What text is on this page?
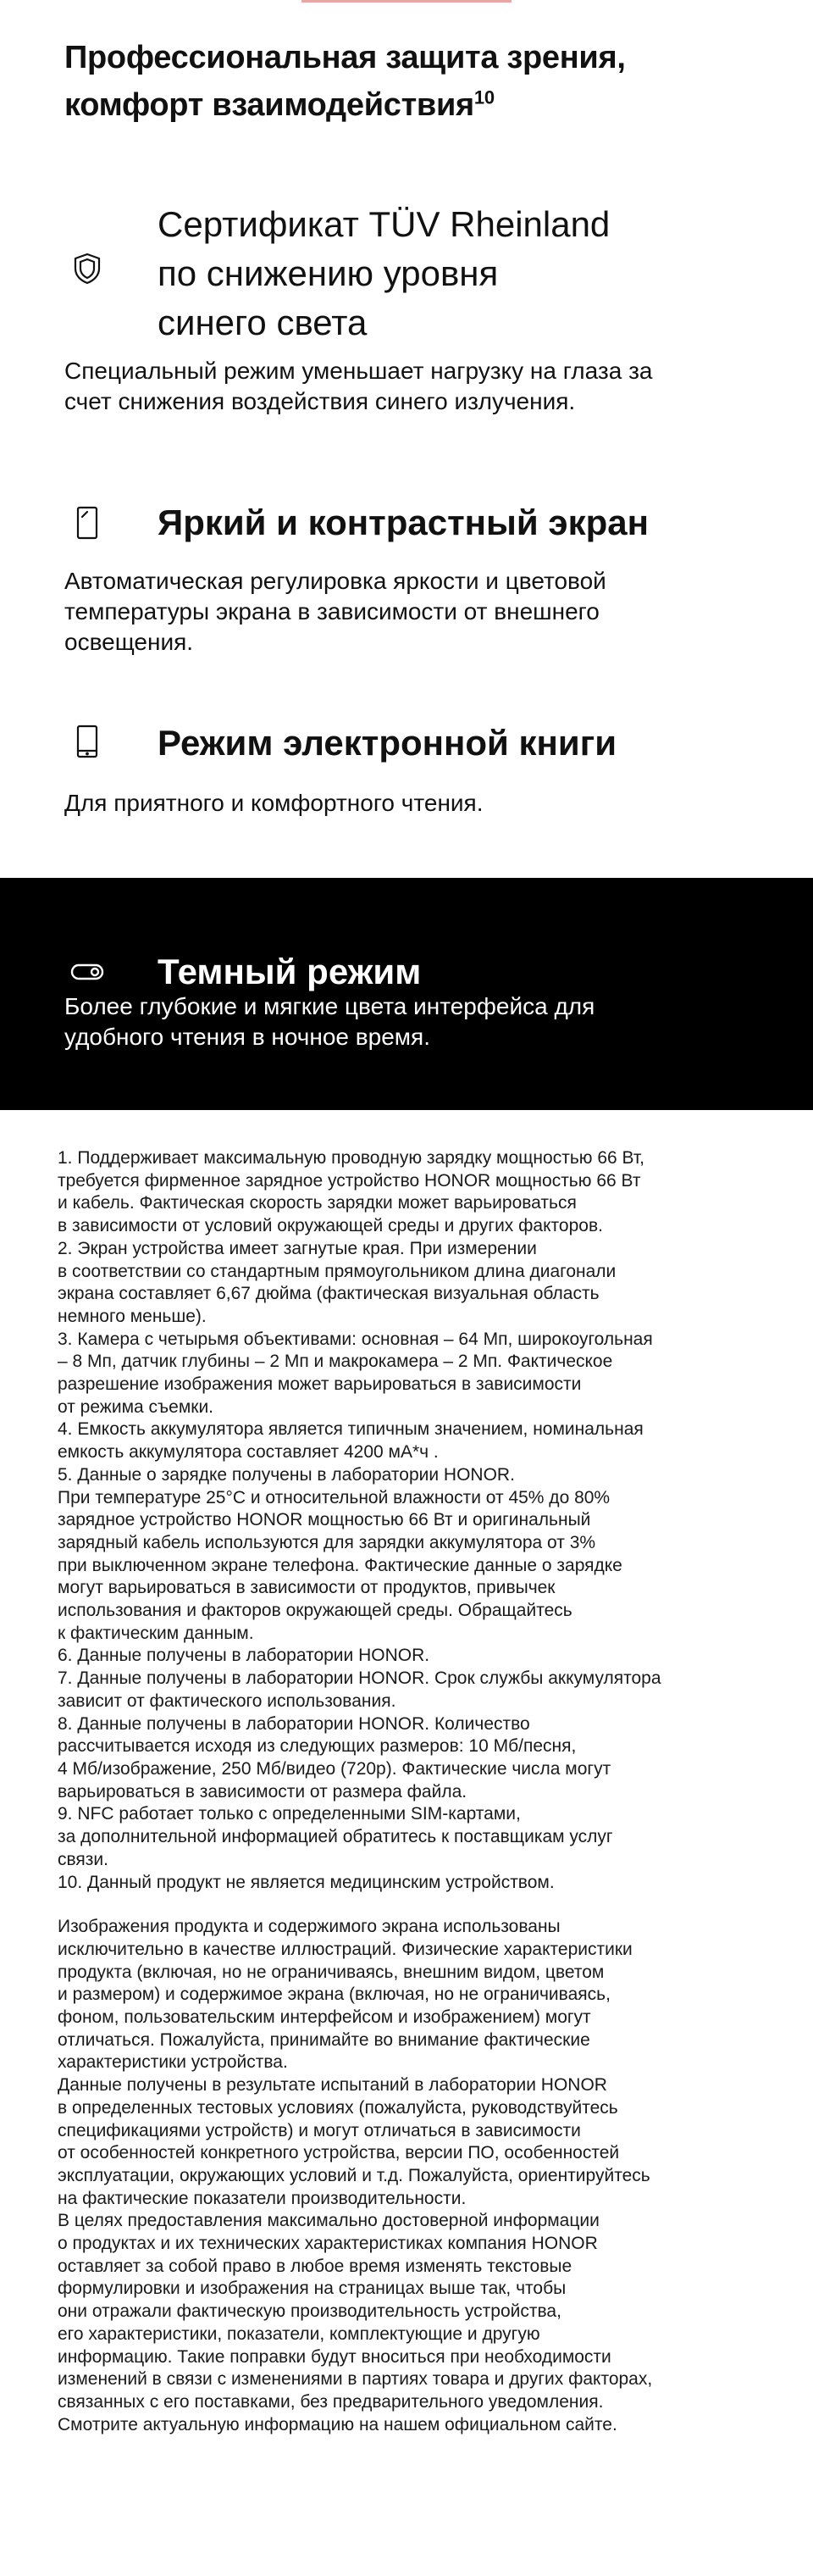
Профессиональная защита зрения,
комфорт взаимодействия$^{10}$
Сертификат TÜV Rheinland
по снижению уровня
синего света

Специальный режим уменьшает нагрузку на глаза за счет снижения воздействия синего излучения.

Яркий и контрастный экран

Автоматическая регулировка яркости и цветовой температуры экрана в зависимости от внешнего освещения.

Режим электронной книги

Для приятного и комфортного чтения.

Темный режим

Более глубокие и мягкие цвета интерфейса для удобного чтения в ночное время.

1. Поддерживает максимальную проводную зарядку мощностью 66 Вт,

требуется фирменное зарядное устройство HONOR мощностью 66 Вт

и кабель. Фактическая скорость зарядки может варьироваться

в зависимости от условий окружающей среды и других факторов.

2. Экран устройства имеет загнутые края. При измерении

в соответствии со стандартным прямоугольником длина диагонали

экрана составляет 6,67 дюйма (фактическая визуальная область

немного меньше).

3. Камера с четырьмя объективами: основная – 64 Мп, широкоугольная

– 8 Мп, датчик глубины – 2 Мп и макрокамера – 2 Мп. Фактическое

разрешение изображения может варьироваться в зависимости

от режима съемки.

4. Емкость аккумулятора является типичным значением, номинальная

емкость аккумулятора составляет 4200 мА*ч .

5. Данные о зарядке получены в лаборатории HONOR.

При температуре 25°C и относительной влажности от 45% до 80%

зарядное устройство HONOR мощностью 66 Вт и оригинальный

зарядный кабель используются для зарядки аккумулятора от 3%

при выключенном экране телефона. Фактические данные о зарядке

могут варьироваться в зависимости от продуктов, привычек

использования и факторов окружающей среды. Обращайтесь

к фактическим данным.

6. Данные получены в лаборатории HONOR.

7. Данные получены в лаборатории HONOR. Срок службы аккумулятора

зависит от фактического использования.

8. Данные получены в лаборатории HONOR. Количество

рассчитывается исходя из следующих размеров: 10 Мб/песня,

4 Мб/изображение, 250 Мб/видео (720p). Фактические числа могут

варьироваться в зависимости от размера файла.

9. NFC работает только с определенными SIM-картами,

за дополнительной информацией обратитесь к поставщикам услуг

связи.

10. Данный продукт не является медицинским устройством.

Изображения продукта и содержимого экрана использованы

исключительно в качестве иллюстраций. Физические характеристики

продукта (включая, но не ограничиваясь, внешним видом, цветом

и размером) и содержимое экрана (включая, но не ограничиваясь,

фоном, пользовательским интерфейсом и изображением) могут

отличаться. Пожалуйста, принимайте во внимание фактические

характеристики устройства.

Данные получены в результате испытаний в лаборатории HONOR

в определенных тестовых условиях (пожалуйста, руководствуйтесь

спецификациями устройств) и могут отличаться в зависимости

от особенностей конкретного устройства, версии ПО, особенностей

эксплуатации, окружающих условий и т.д. Пожалуйста, ориентируйтесь

на фактические показатели производительности.

В целях предоставления максимально достоверной информации

о продуктах и их технических характеристиках компания HONOR

оставляет за собой право в любое время изменять текстовые

формулировки и изображения на страницах выше так, чтобы

они отражали фактическую производительность устройства,

его характеристики, показатели, комплектующие и другую

информацию. Такие поправки будут вноситься при необходимости

изменений в связи с изменениями в партиях товара и других факторах,

связанных с его поставками, без предварительного уведомления.

Смотрите актуальную информацию на нашем официальном сайте.
